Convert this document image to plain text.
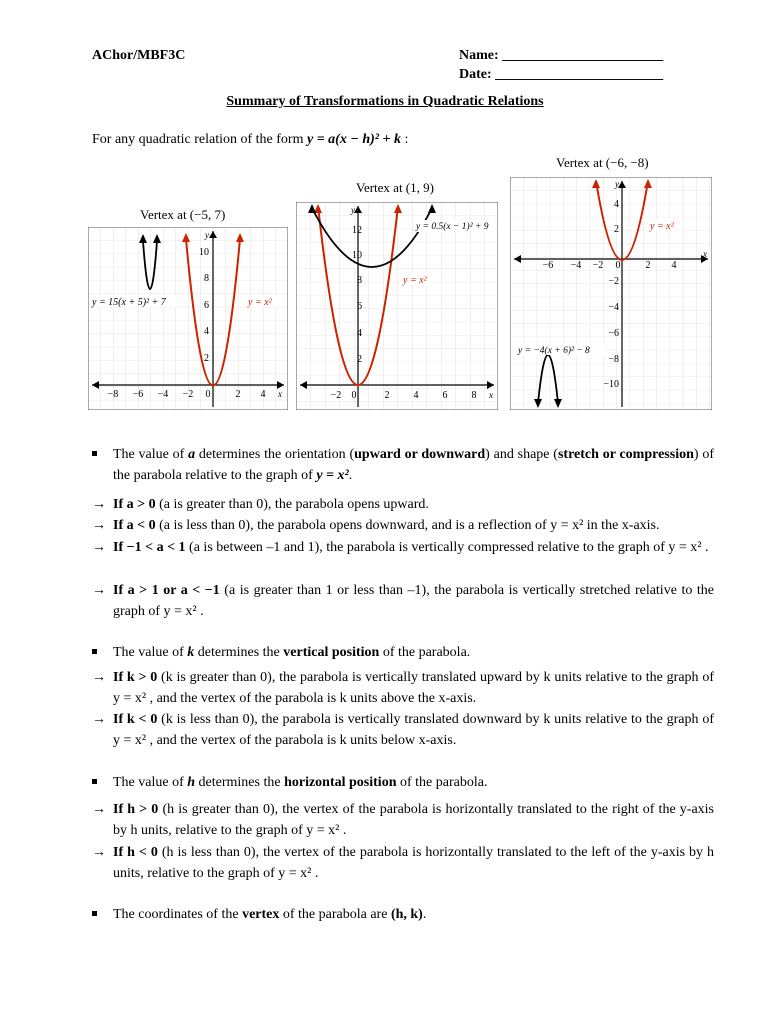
AChor/MBF3C	Name: _______________________
Date: ________________________
Summary of Transformations in Quadratic Relations
For any quadratic relation of the form y = a(x − h)² + k :
Vertex at (−5, 7)
Vertex at (1, 9)
Vertex at (−6, −8)
x
y
−8 −6 −4 −2 0	2 4
2
4
6
8
10
y = 15(x + 5)² + 7	y = x²
x
y
−2 0	2 4 6 8
2
4
6
8
10
12	y = 0.5(x − 1)² + 9
y = x²
x
y
−6 −4 −2 0	2 4
4
2
−2
−4
−6
−8
−10
y = −4(x + 6)² − 8
y = x²
The value of a determines the orientation (upward or downward) and shape (stretch or compression) of the parabola relative to the graph of y = x².
→ If a > 0 (a is greater than 0), the parabola opens upward.
→ If a < 0 (a is less than 0), the parabola opens downward, and is a reflection of y = x² in the x-axis.
→ If −1 < a < 1 (a is between –1 and 1), the parabola is vertically compressed relative to the graph of y = x² .
→ If a > 1 or a < −1 (a is greater than 1 or less than –1), the parabola is vertically stretched relative to the graph of y = x² .
The value of k determines the vertical position of the parabola.
→ If k > 0 (k is greater than 0), the parabola is vertically translated upward by k units relative to the graph of y = x² , and the vertex of the parabola is k units above the x-axis.
→ If k < 0 (k is less than 0), the parabola is vertically translated downward by k units relative to the graph of y = x² , and the vertex of the parabola is k units below x-axis.
The value of h determines the horizontal position of the parabola.
→ If h > 0 (h is greater than 0), the vertex of the parabola is horizontally translated to the right of the y-axis by h units, relative to the graph of y = x² .
→ If h < 0 (h is less than 0), the vertex of the parabola is horizontally translated to the left of the y-axis by h units, relative to the graph of y = x² .
The coordinates of the vertex of the parabola are (h, k).
